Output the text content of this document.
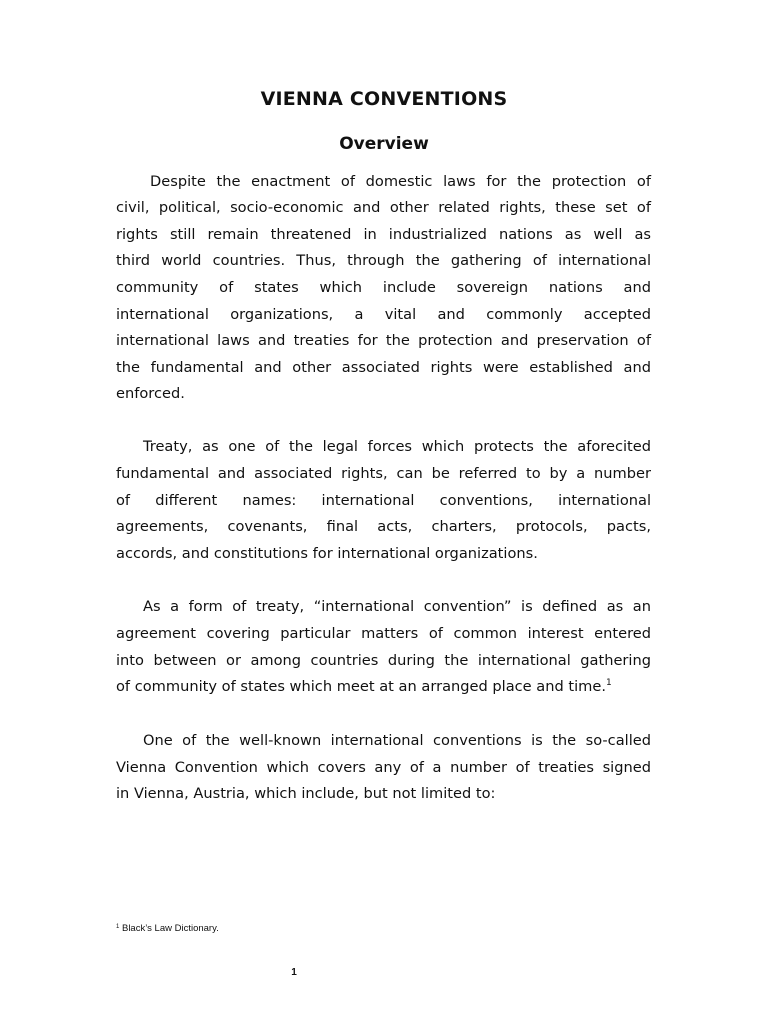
VIENNA CONVENTIONS
Overview
Despite the enactment of domestic laws for the protection of
civil, political, socio-economic and other related rights, these set of
rights still remain threatened in industrialized nations as well as
third world countries. Thus, through the gathering of international
community of states which include sovereign nations and
international organizations, a vital and commonly accepted
international laws and treaties for the protection and preservation of
the fundamental and other associated rights were established and
enforced.
Treaty, as one of the legal forces which protects the aforecited
fundamental and associated rights, can be referred to by a number
of different names: international conventions, international
agreements, covenants, final acts, charters, protocols, pacts,
accords, and constitutions for international organizations.
As a form of treaty, “international convention” is defined as an
agreement covering particular matters of common interest entered
into between or among countries during the international gathering
of community of states which meet at an arranged place and time.$^1$
One of the well-known international conventions is the so-called
Vienna Convention which covers any of a number of treaties signed
in Vienna, Austria, which include, but not limited to:
$^1$ Black’s Law Dictionary.
1
